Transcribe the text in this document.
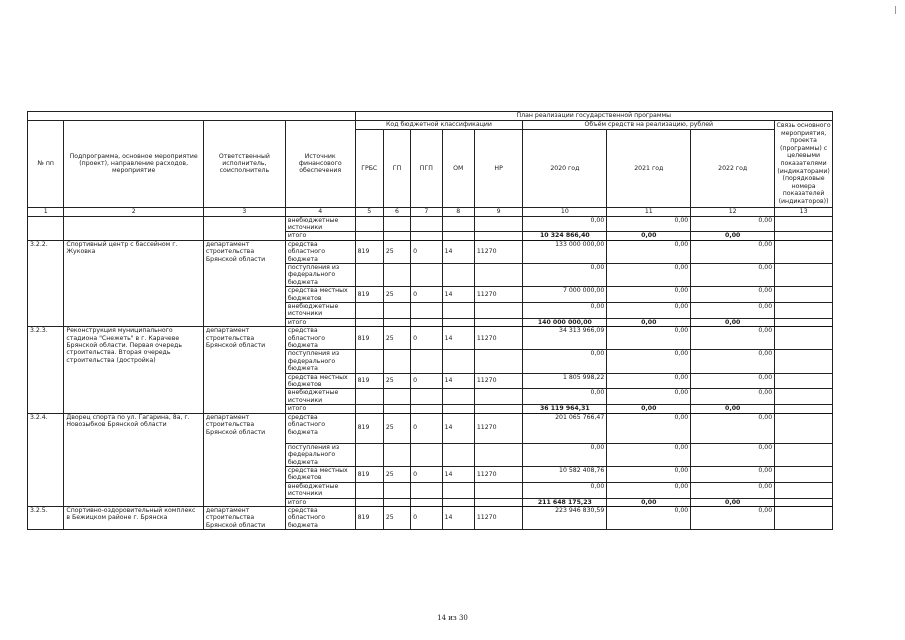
				План реализации государственной программы								
№ пп	Подпрограмма, основное мероприятие (проект), направление расходов, мероприятие	Ответственный исполнитель, соисполнитель	Источник финансового обеспечения	Код бюджетной классификации					Объём средств на реализацию, рублей			Связь основного мероприятия, проекта (программы) с целевыми показателями (индикаторами) (порядковые номера показателей (индикаторов))
				ГРБС	ГП	ПГП	ОМ	НР	2020 год	2021 год	2022 год	
1	2	3	4	5	6	7	8	9	10	11	12	13
			внебюджетные источники						0,00	0,00	0,00	
			итого						10 324 866,40	0,00	0,00	
3.2.2.	Спортивный центр с бассейном г. Жуковка	департамент строительства Брянской области	средства областного бюджета	819	25	0	14	11270	133 000 000,00	0,00	0,00	
			поступления из федерального бюджета						0,00	0,00	0,00	
			средства местных бюджетов	819	25	0	14	11270	7 000 000,00	0,00	0,00	
			внебюджетные источники						0,00	0,00	0,00	
			итого						140 000 000,00	0,00	0,00	
3.2.3.	Реконструкция муниципального стадиона "Снежеть" в г. Карачеве Брянской области. Первая очередь строительства. Вторая очередь строительства (достройка)	департамент строительства Брянской области	средства областного бюджета	819	25	0	14	11270	34 313 966,09	0,00	0,00	
			поступления из федерального бюджета						0,00	0,00	0,00	
			средства местных бюджетов	819	25	0	14	11270	1 805 998,22	0,00	0,00	
			внебюджетные источники						0,00	0,00	0,00	
			итого						36 119 964,31	0,00	0,00	
3.2.4.	Дворец спорта по ул. Гагарина, 8а, г. Новозыбков Брянской области	департамент строительства Брянской области	средства областного бюджета	819	25	0	14	11270	201 065 766,47	0,00	0,00	
			поступления из федерального бюджета						0,00	0,00	0,00	
			средства местных бюджетов	819	25	0	14	11270	10 582 408,76	0,00	0,00	
			внебюджетные источники						0,00	0,00	0,00	
			итого						211 648 175,23	0,00	0,00	
3.2.5.	Спортивно-оздоровительный комплекс в Бежицком районе г. Брянска	департамент строительства Брянской области	средства областного бюджета	819	25	0	14	11270	223 946 830,59	0,00	0,00	
14 из 30
